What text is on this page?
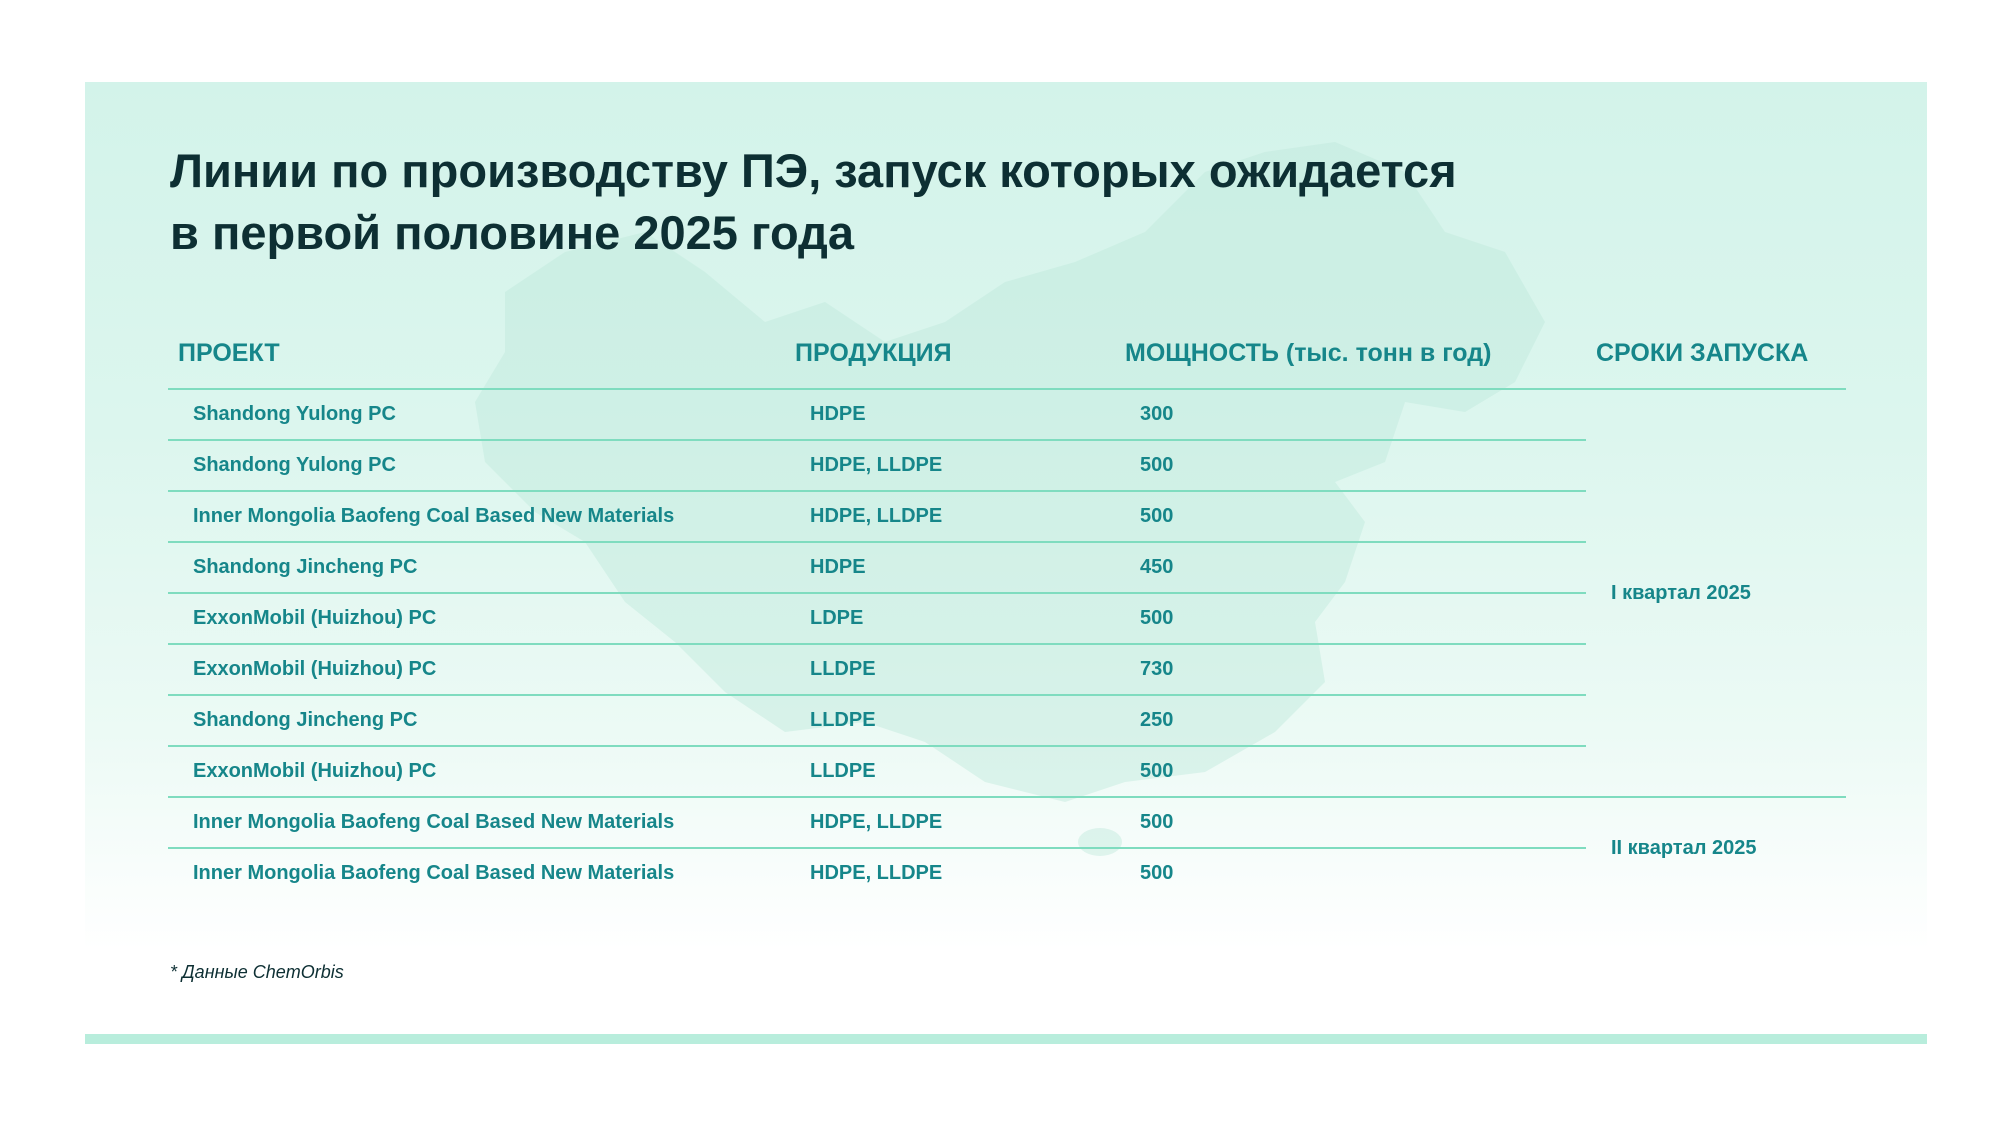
Линии по производству ПЭ, запуск которых ожидается
в первой половине 2025 года
ПРОЕКТ	ПРОДУКЦИЯ	МОЩНОСТЬ (тыс. тонн в год)	СРОКИ ЗАПУСКА
Shandong Yulong PC	HDPE	300	I квартал 2025
Shandong Yulong PC	HDPE, LLDPE	500	
Inner Mongolia Baofeng Coal Based New Materials	HDPE, LLDPE	500	
Shandong Jincheng PC	HDPE	450	
ExxonMobil (Huizhou) PC	LDPE	500	
ExxonMobil (Huizhou) PC	LLDPE	730	
Shandong Jincheng PC	LLDPE	250	
ExxonMobil (Huizhou) PC	LLDPE	500	
Inner Mongolia Baofeng Coal Based New Materials	HDPE, LLDPE	500	II квартал 2025
Inner Mongolia Baofeng Coal Based New Materials	HDPE, LLDPE	500	
* Данные ChemOrbis
